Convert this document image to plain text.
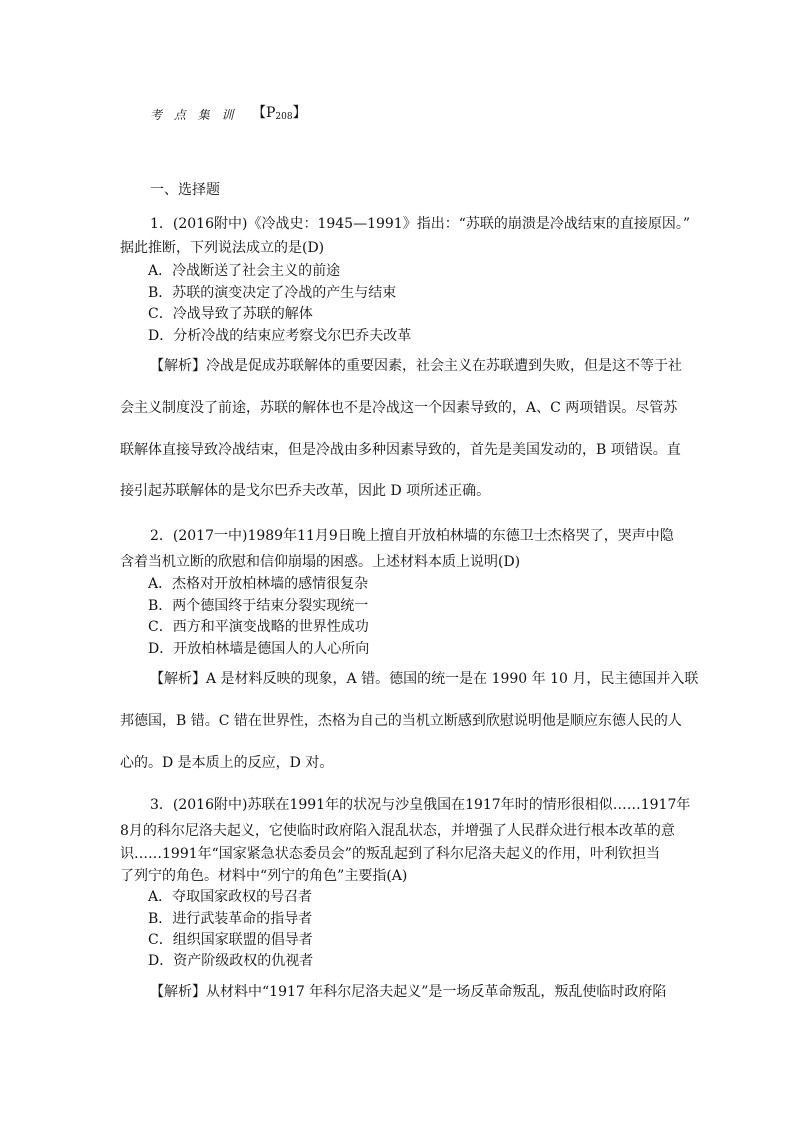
考 点 集 训 【$P_{208}$】
一、选择题
1．(2016附中)《冷战史：1945—1991》指出：“苏联的崩溃是冷战结束的直接原因。”
据此推断，下列说法成立的是(D)
A．冷战断送了社会主义的前途
B．苏联的演变决定了冷战的产生与结束
C．冷战导致了苏联的解体
D．分析冷战的结束应考察戈尔巴乔夫改革
【解析】冷战是促成苏联解体的重要因素，社会主义在苏联遭到失败，但是这不等于社
会主义制度没了前途，苏联的解体也不是冷战这一个因素导致的，A、C 两项错误。尽管苏
联解体直接导致冷战结束，但是冷战由多种因素导致的，首先是美国发动的，B 项错误。直
接引起苏联解体的是戈尔巴乔夫改革，因此 D 项所述正确。
2．(2017一中)1989年11月9日晚上擅自开放柏林墙的东德卫士杰格哭了，哭声中隐
含着当机立断的欣慰和信仰崩塌的困惑。上述材料本质上说明(D)
A．杰格对开放柏林墙的感情很复杂
B．两个德国终于结束分裂实现统一
C．西方和平演变战略的世界性成功
D．开放柏林墙是德国人的人心所向
【解析】A 是材料反映的现象，A 错。德国的统一是在 1990 年 10 月，民主德国并入联
邦德国，B 错。C 错在世界性，杰格为自己的当机立断感到欣慰说明他是顺应东德人民的人
心的。D 是本质上的反应，D 对。
3．(2016附中)苏联在1991年的状况与沙皇俄国在1917年时的情形很相似……1917年
8月的科尔尼洛夫起义，它使临时政府陷入混乱状态，并增强了人民群众进行根本改革的意
识……1991年“国家紧急状态委员会”的叛乱起到了科尔尼洛夫起义的作用，叶利钦担当
了列宁的角色。材料中“列宁的角色”主要指(A)
A．夺取国家政权的号召者
B．进行武装革命的指导者
C．组织国家联盟的倡导者
D．资产阶级政权的仇视者
【解析】从材料中“1917 年科尔尼洛夫起义”是一场反革命叛乱，叛乱使临时政府陷
